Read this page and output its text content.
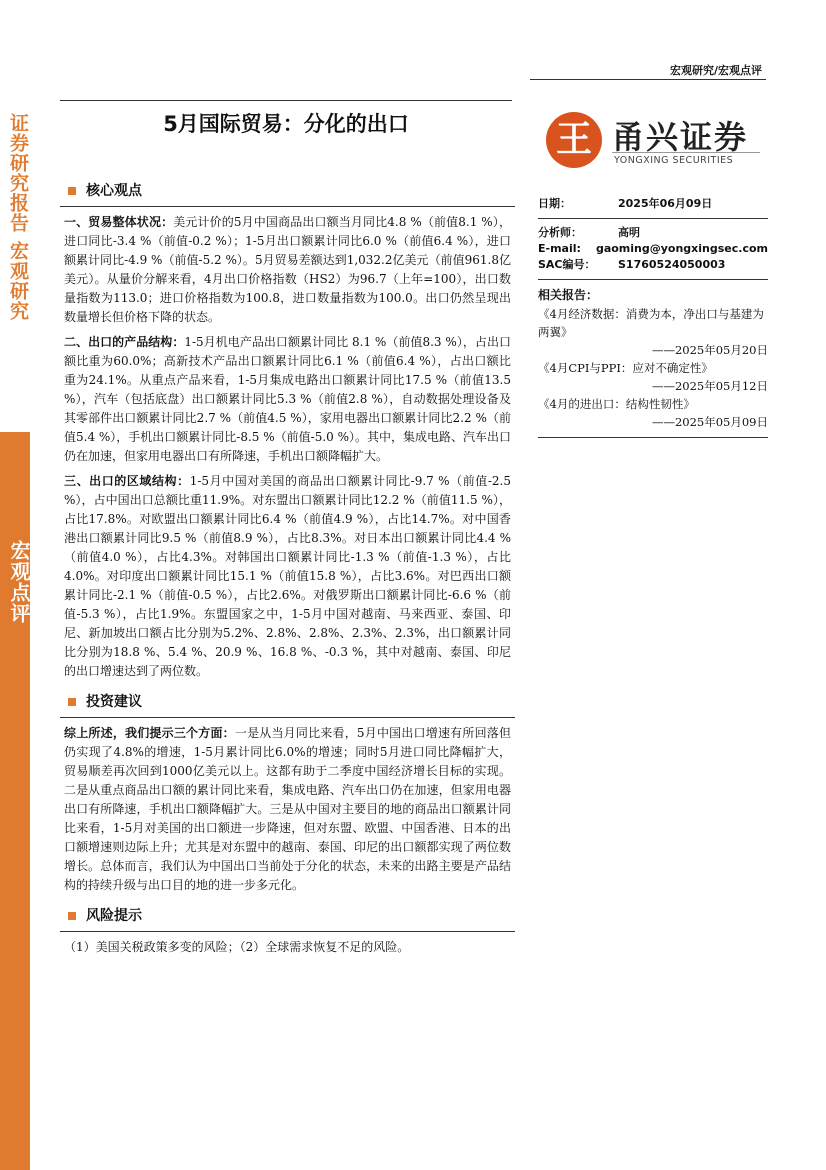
证券研究报告 宏观研究
宏观点评
宏观研究/宏观点评
5月国际贸易：分化的出口	王 甬兴证券
YONGXING SECURITIES
核心观点

一、贸易整体状况：美元计价的5月中国商品出口额当月同比4.8 %（前值8.1 %），进口同比-3.4 %（前值-0.2 %）；1-5月出口额累计同比6.0 %（前值6.4 %），进口额累计同比-4.9 %（前值-5.2 %）。5月贸易差额达到1,032.2亿美元（前值961.8亿美元）。从量价分解来看，4月出口价格指数（HS2）为96.7（上年=100），出口数量指数为113.0；进口价格指数为100.8，进口数量指数为100.0。出口仍然呈现出数量增长但价格下降的状态。

二、出口的产品结构：1-5月机电产品出口额累计同比 8.1 %（前值8.3 %），占出口额比重为60.0%；高新技术产品出口额累计同比6.1 %（前值6.4 %），占出口额比重为24.1%。从重点产品来看，1-5月集成电路出口额累计同比17.5 %（前值13.5 %），汽车（包括底盘）出口额累计同比5.3 %（前值2.8 %），自动数据处理设备及其零部件出口额累计同比2.7 %（前值4.5 %），家用电器出口额累计同比2.2 %（前值5.4 %），手机出口额累计同比-8.5 %（前值-5.0 %）。其中，集成电路、汽车出口仍在加速，但家用电器出口有所降速，手机出口额降幅扩大。

三、出口的区域结构：1-5月中国对美国的商品出口额累计同比-9.7 %（前值-2.5 %），占中国出口总额比重11.9%。对东盟出口额累计同比12.2 %（前值11.5 %），占比17.8%。对欧盟出口额累计同比6.4 %（前值4.9 %），占比14.7%。对中国香港出口额累计同比9.5 %（前值8.9 %），占比8.3%。对日本出口额累计同比4.4 %（前值4.0 %），占比4.3%。对韩国出口额累计同比-1.3 %（前值-1.3 %），占比4.0%。对印度出口额累计同比15.1 %（前值15.8 %），占比3.6%。对巴西出口额累计同比-2.1 %（前值-0.5 %），占比2.6%。对俄罗斯出口额累计同比-6.6 %（前值-5.3 %），占比1.9%。东盟国家之中，1-5月中国对越南、马来西亚、泰国、印尼、新加坡出口额占比分别为5.2%、2.8%、2.8%、2.3%、2.3%，出口额累计同比分别为18.8 %、5.4 %、20.9 %、16.8 %、-0.3 %，其中对越南、泰国、印尼的出口增速达到了两位数。

投资建议

综上所述，我们提示三个方面：一是从当月同比来看，5月中国出口增速有所回落但仍实现了4.8%的增速，1-5月累计同比6.0%的增速；同时5月进口同比降幅扩大，贸易顺差再次回到1000亿美元以上。这都有助于二季度中国经济增长目标的实现。二是从重点商品出口额的累计同比来看，集成电路、汽车出口仍在加速，但家用电器出口有所降速，手机出口额降幅扩大。三是从中国对主要目的地的商品出口额累计同比来看，1-5月对美国的出口额进一步降速，但对东盟、欧盟、中国香港、日本的出口额增速则边际上升；尤其是对东盟中的越南、泰国、印尼的出口额都实现了两位数增长。总体而言，我们认为中国出口当前处于分化的状态，未来的出路主要是产品结构的持续升级与出口目的地的进一步多元化。

风险提示

（1）美国关税政策多变的风险；（2）全球需求恢复不足的风险。

日期：	2025年06月09日
分析师：	高明
E-mail:	gaoming@yongxingsec.com
SAC编号：	S1760524050003
相关报告：
《4月经济数据：消费为本，净出口与基建为两翼》
——2025年05月20日
《4月CPI与PPI：应对不确定性》
——2025年05月12日
《4月的进出口：结构性韧性》
——2025年05月09日
